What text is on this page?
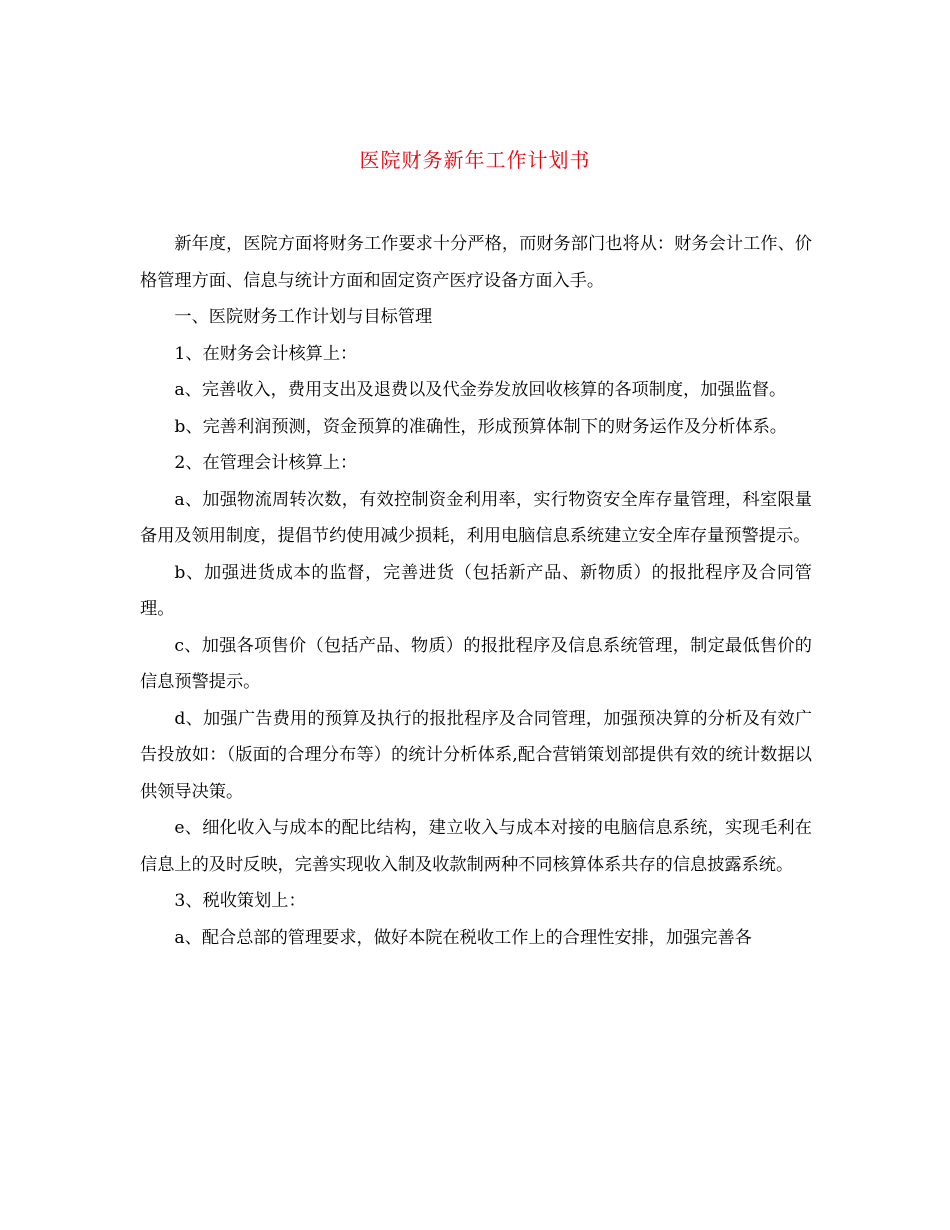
医院财务新年工作计划书

新年度，医院方面将财务工作要求十分严格，而财务部门也将从：财务会计工作、价格管理方面、信息与统计方面和固定资产医疗设备方面入手。

一、医院财务工作计划与目标管理

1、在财务会计核算上：

a、完善收入，费用支出及退费以及代金券发放回收核算的各项制度，加强监督。

b、完善利润预测，资金预算的准确性，形成预算体制下的财务运作及分析体系。

2、在管理会计核算上：

a、加强物流周转次数，有效控制资金利用率，实行物资安全库存量管理，科室限量备用及领用制度，提倡节约使用减少损耗，利用电脑信息系统建立安全库存量预警提示。

b、加强进货成本的监督，完善进货（包括新产品、新物质）的报批程序及合同管理。

c、加强各项售价（包括产品、物质）的报批程序及信息系统管理，制定最低售价的信息预警提示。

d、加强广告费用的预算及执行的报批程序及合同管理，加强预决算的分析及有效广告投放如：（版面的合理分布等）的统计分析体系,配合营销策划部提供有效的统计数据以供领导决策。

e、细化收入与成本的配比结构，建立收入与成本对接的电脑信息系统，实现毛利在信息上的及时反映，完善实现收入制及收款制两种不同核算体系共存的信息披露系统。

3、税收策划上：

a、配合总部的管理要求，做好本院在税收工作上的合理性安排，加强完善各
